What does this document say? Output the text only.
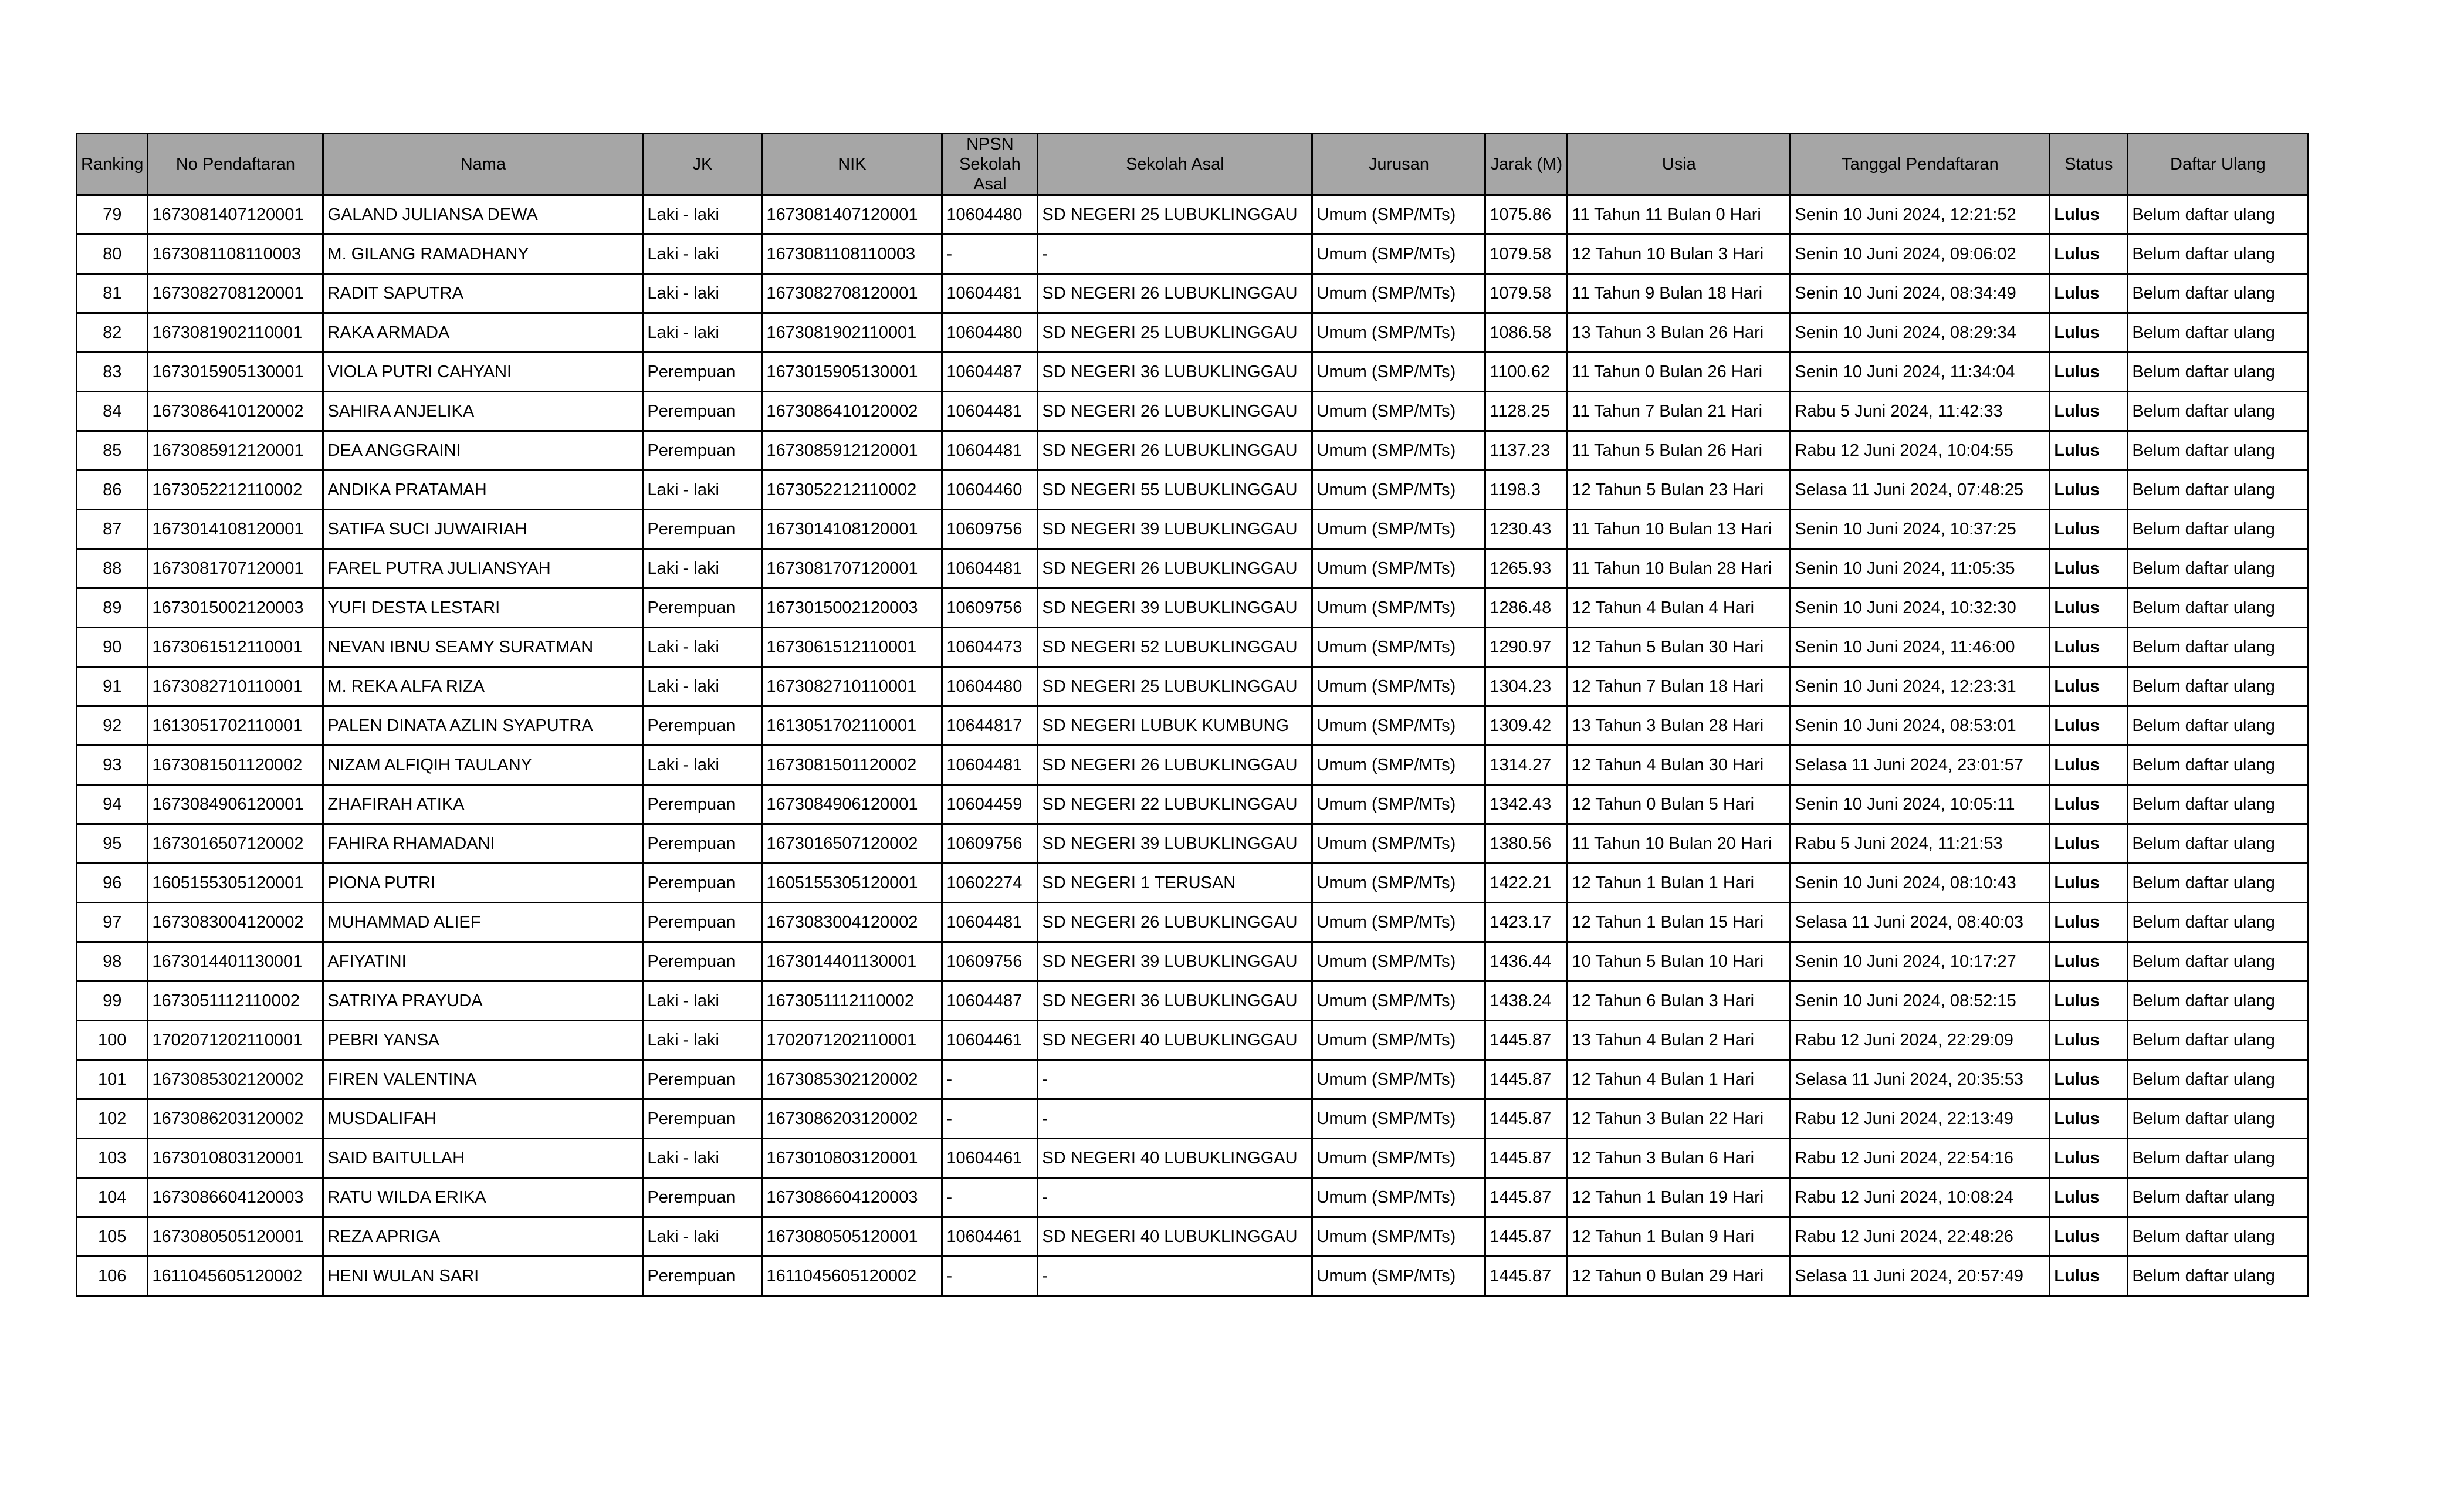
Ranking	No Pendaftaran	Nama	JK	NIK	NPSN Sekolah Asal	Sekolah Asal	Jurusan	Jarak (M)	Usia	Tanggal Pendaftaran	Status	Daftar Ulang
79	1673081407120001	GALAND JULIANSA DEWA	Laki - laki	1673081407120001	10604480	SD NEGERI 25 LUBUKLINGGAU	Umum (SMP/MTs)	1075.86	11 Tahun 11 Bulan 0 Hari	Senin 10 Juni 2024, 12:21:52	Lulus	Belum daftar ulang
80	1673081108110003	M. GILANG RAMADHANY	Laki - laki	1673081108110003	-	-	Umum (SMP/MTs)	1079.58	12 Tahun 10 Bulan 3 Hari	Senin 10 Juni 2024, 09:06:02	Lulus	Belum daftar ulang
81	1673082708120001	RADIT SAPUTRA	Laki - laki	1673082708120001	10604481	SD NEGERI 26 LUBUKLINGGAU	Umum (SMP/MTs)	1079.58	11 Tahun 9 Bulan 18 Hari	Senin 10 Juni 2024, 08:34:49	Lulus	Belum daftar ulang
82	1673081902110001	RAKA ARMADA	Laki - laki	1673081902110001	10604480	SD NEGERI 25 LUBUKLINGGAU	Umum (SMP/MTs)	1086.58	13 Tahun 3 Bulan 26 Hari	Senin 10 Juni 2024, 08:29:34	Lulus	Belum daftar ulang
83	1673015905130001	VIOLA PUTRI CAHYANI	Perempuan	1673015905130001	10604487	SD NEGERI 36 LUBUKLINGGAU	Umum (SMP/MTs)	1100.62	11 Tahun 0 Bulan 26 Hari	Senin 10 Juni 2024, 11:34:04	Lulus	Belum daftar ulang
84	1673086410120002	SAHIRA ANJELIKA	Perempuan	1673086410120002	10604481	SD NEGERI 26 LUBUKLINGGAU	Umum (SMP/MTs)	1128.25	11 Tahun 7 Bulan 21 Hari	Rabu 5 Juni 2024, 11:42:33	Lulus	Belum daftar ulang
85	1673085912120001	DEA ANGGRAINI	Perempuan	1673085912120001	10604481	SD NEGERI 26 LUBUKLINGGAU	Umum (SMP/MTs)	1137.23	11 Tahun 5 Bulan 26 Hari	Rabu 12 Juni 2024, 10:04:55	Lulus	Belum daftar ulang
86	1673052212110002	ANDIKA PRATAMAH	Laki - laki	1673052212110002	10604460	SD NEGERI 55 LUBUKLINGGAU	Umum (SMP/MTs)	1198.3	12 Tahun 5 Bulan 23 Hari	Selasa 11 Juni 2024, 07:48:25	Lulus	Belum daftar ulang
87	1673014108120001	SATIFA SUCI JUWAIRIAH	Perempuan	1673014108120001	10609756	SD NEGERI 39 LUBUKLINGGAU	Umum (SMP/MTs)	1230.43	11 Tahun 10 Bulan 13 Hari	Senin 10 Juni 2024, 10:37:25	Lulus	Belum daftar ulang
88	1673081707120001	FAREL PUTRA JULIANSYAH	Laki - laki	1673081707120001	10604481	SD NEGERI 26 LUBUKLINGGAU	Umum (SMP/MTs)	1265.93	11 Tahun 10 Bulan 28 Hari	Senin 10 Juni 2024, 11:05:35	Lulus	Belum daftar ulang
89	1673015002120003	YUFI DESTA LESTARI	Perempuan	1673015002120003	10609756	SD NEGERI 39 LUBUKLINGGAU	Umum (SMP/MTs)	1286.48	12 Tahun 4 Bulan 4 Hari	Senin 10 Juni 2024, 10:32:30	Lulus	Belum daftar ulang
90	1673061512110001	NEVAN IBNU SEAMY SURATMAN	Laki - laki	1673061512110001	10604473	SD NEGERI 52 LUBUKLINGGAU	Umum (SMP/MTs)	1290.97	12 Tahun 5 Bulan 30 Hari	Senin 10 Juni 2024, 11:46:00	Lulus	Belum daftar ulang
91	1673082710110001	M. REKA ALFA RIZA	Laki - laki	1673082710110001	10604480	SD NEGERI 25 LUBUKLINGGAU	Umum (SMP/MTs)	1304.23	12 Tahun 7 Bulan 18 Hari	Senin 10 Juni 2024, 12:23:31	Lulus	Belum daftar ulang
92	1613051702110001	PALEN DINATA AZLIN SYAPUTRA	Perempuan	1613051702110001	10644817	SD NEGERI LUBUK KUMBUNG	Umum (SMP/MTs)	1309.42	13 Tahun 3 Bulan 28 Hari	Senin 10 Juni 2024, 08:53:01	Lulus	Belum daftar ulang
93	1673081501120002	NIZAM ALFIQIH TAULANY	Laki - laki	1673081501120002	10604481	SD NEGERI 26 LUBUKLINGGAU	Umum (SMP/MTs)	1314.27	12 Tahun 4 Bulan 30 Hari	Selasa 11 Juni 2024, 23:01:57	Lulus	Belum daftar ulang
94	1673084906120001	ZHAFIRAH ATIKA	Perempuan	1673084906120001	10604459	SD NEGERI 22 LUBUKLINGGAU	Umum (SMP/MTs)	1342.43	12 Tahun 0 Bulan 5 Hari	Senin 10 Juni 2024, 10:05:11	Lulus	Belum daftar ulang
95	1673016507120002	FAHIRA RHAMADANI	Perempuan	1673016507120002	10609756	SD NEGERI 39 LUBUKLINGGAU	Umum (SMP/MTs)	1380.56	11 Tahun 10 Bulan 20 Hari	Rabu 5 Juni 2024, 11:21:53	Lulus	Belum daftar ulang
96	1605155305120001	PIONA PUTRI	Perempuan	1605155305120001	10602274	SD NEGERI 1 TERUSAN	Umum (SMP/MTs)	1422.21	12 Tahun 1 Bulan 1 Hari	Senin 10 Juni 2024, 08:10:43	Lulus	Belum daftar ulang
97	1673083004120002	MUHAMMAD ALIEF	Perempuan	1673083004120002	10604481	SD NEGERI 26 LUBUKLINGGAU	Umum (SMP/MTs)	1423.17	12 Tahun 1 Bulan 15 Hari	Selasa 11 Juni 2024, 08:40:03	Lulus	Belum daftar ulang
98	1673014401130001	AFIYATINI	Perempuan	1673014401130001	10609756	SD NEGERI 39 LUBUKLINGGAU	Umum (SMP/MTs)	1436.44	10 Tahun 5 Bulan 10 Hari	Senin 10 Juni 2024, 10:17:27	Lulus	Belum daftar ulang
99	1673051112110002	SATRIYA PRAYUDA	Laki - laki	1673051112110002	10604487	SD NEGERI 36 LUBUKLINGGAU	Umum (SMP/MTs)	1438.24	12 Tahun 6 Bulan 3 Hari	Senin 10 Juni 2024, 08:52:15	Lulus	Belum daftar ulang
100	1702071202110001	PEBRI YANSA	Laki - laki	1702071202110001	10604461	SD NEGERI 40 LUBUKLINGGAU	Umum (SMP/MTs)	1445.87	13 Tahun 4 Bulan 2 Hari	Rabu 12 Juni 2024, 22:29:09	Lulus	Belum daftar ulang
101	1673085302120002	FIREN VALENTINA	Perempuan	1673085302120002	-	-	Umum (SMP/MTs)	1445.87	12 Tahun 4 Bulan 1 Hari	Selasa 11 Juni 2024, 20:35:53	Lulus	Belum daftar ulang
102	1673086203120002	MUSDALIFAH	Perempuan	1673086203120002	-	-	Umum (SMP/MTs)	1445.87	12 Tahun 3 Bulan 22 Hari	Rabu 12 Juni 2024, 22:13:49	Lulus	Belum daftar ulang
103	1673010803120001	SAID BAITULLAH	Laki - laki	1673010803120001	10604461	SD NEGERI 40 LUBUKLINGGAU	Umum (SMP/MTs)	1445.87	12 Tahun 3 Bulan 6 Hari	Rabu 12 Juni 2024, 22:54:16	Lulus	Belum daftar ulang
104	1673086604120003	RATU WILDA ERIKA	Perempuan	1673086604120003	-	-	Umum (SMP/MTs)	1445.87	12 Tahun 1 Bulan 19 Hari	Rabu 12 Juni 2024, 10:08:24	Lulus	Belum daftar ulang
105	1673080505120001	REZA APRIGA	Laki - laki	1673080505120001	10604461	SD NEGERI 40 LUBUKLINGGAU	Umum (SMP/MTs)	1445.87	12 Tahun 1 Bulan 9 Hari	Rabu 12 Juni 2024, 22:48:26	Lulus	Belum daftar ulang
106	1611045605120002	HENI WULAN SARI	Perempuan	1611045605120002	-	-	Umum (SMP/MTs)	1445.87	12 Tahun 0 Bulan 29 Hari	Selasa 11 Juni 2024, 20:57:49	Lulus	Belum daftar ulang
